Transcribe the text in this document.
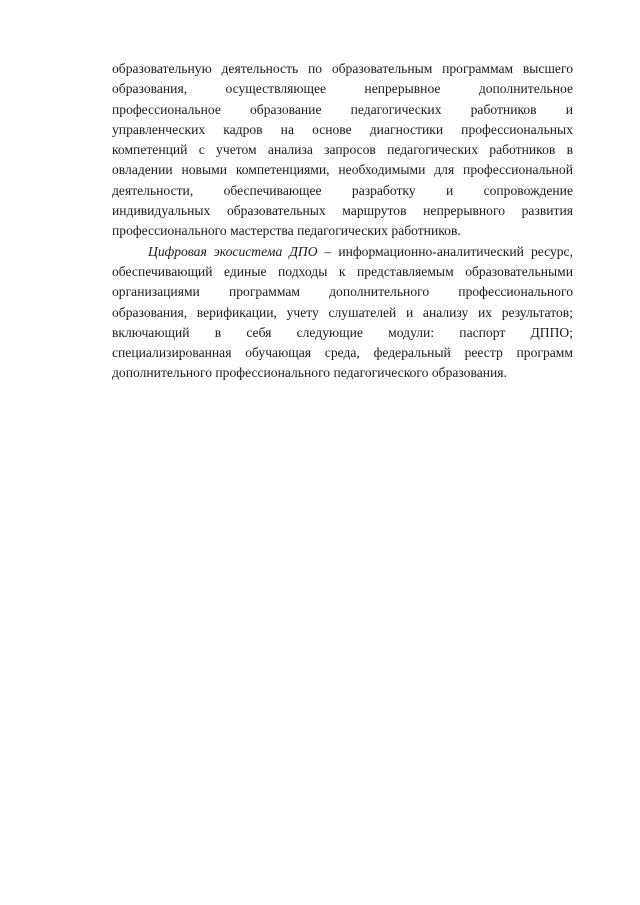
образовательную деятельность по образовательным программам высшего
образования, осуществляющее непрерывное дополнительное
профессиональное образование педагогических работников и
управленческих кадров на основе диагностики профессиональных
компетенций с учетом анализа запросов педагогических работников в
овладении новыми компетенциями, необходимыми для профессиональной
деятельности, обеспечивающее разработку и сопровождение
индивидуальных образовательных маршрутов непрерывного развития
профессионального мастерства педагогических работников.
Цифровая экосистема ДПО – информационно-аналитический ресурс,
обеспечивающий единые подходы к представляемым образовательными
организациями программам дополнительного профессионального
образования, верификации, учету слушателей и анализу их результатов;
включающий в себя следующие модули: паспорт ДППО;
специализированная обучающая среда, федеральный реестр программ
дополнительного профессионального педагогического образования.
